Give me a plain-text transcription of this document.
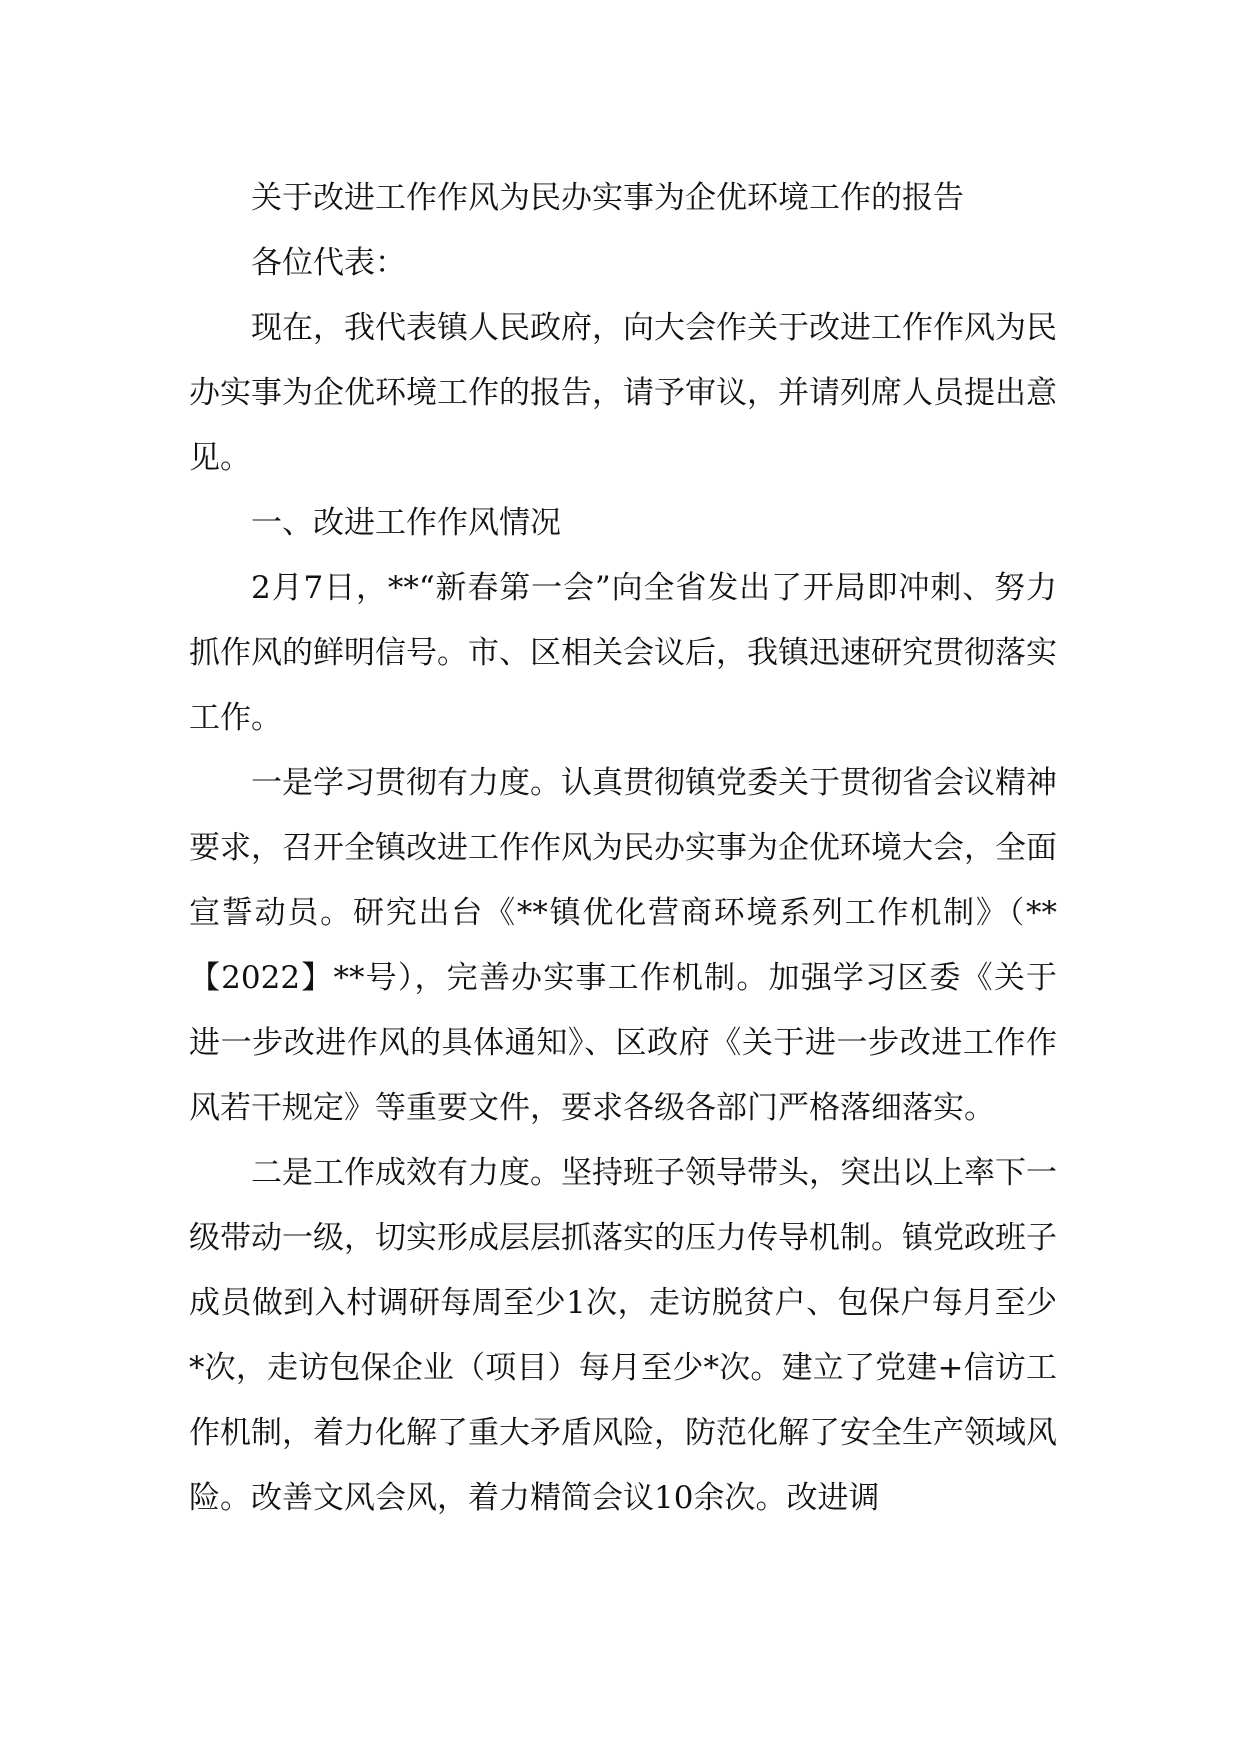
关于改进工作作风为民办实事为企优环境工作的报告

各位代表：

现在，我代表镇人民政府，向大会作关于改进工作作风为民办实事为企优环境工作的报告，请予审议，并请列席人员提出意见。

一、改进工作作风情况

2月7日，**“新春第一会”向全省发出了开局即冲刺、努力抓作风的鲜明信号。市、区相关会议后，我镇迅速研究贯彻落实工作。

一是学习贯彻有力度。认真贯彻镇党委关于贯彻省会议精神要求，召开全镇改进工作作风为民办实事为企优环境大会，全面宣誓动员。研究出台《**镇优化营商环境系列工作机制》（**【2022】**号），完善办实事工作机制。加强学习区委《关于进一步改进作风的具体通知》、区政府《关于进一步改进工作作风若干规定》等重要文件，要求各级各部门严格落细落实。

二是工作成效有力度。坚持班子领导带头，突出以上率下一级带动一级，切实形成层层抓落实的压力传导机制。镇党政班子成员做到入村调研每周至少1次，走访脱贫户、包保户每月至少*次，走访包保企业（项目）每月至少*次。建立了党建+信访工作机制，着力化解了重大矛盾风险，防范化解了安全生产领域风险。改善文风会风，着力精简会议10余次。改进调
